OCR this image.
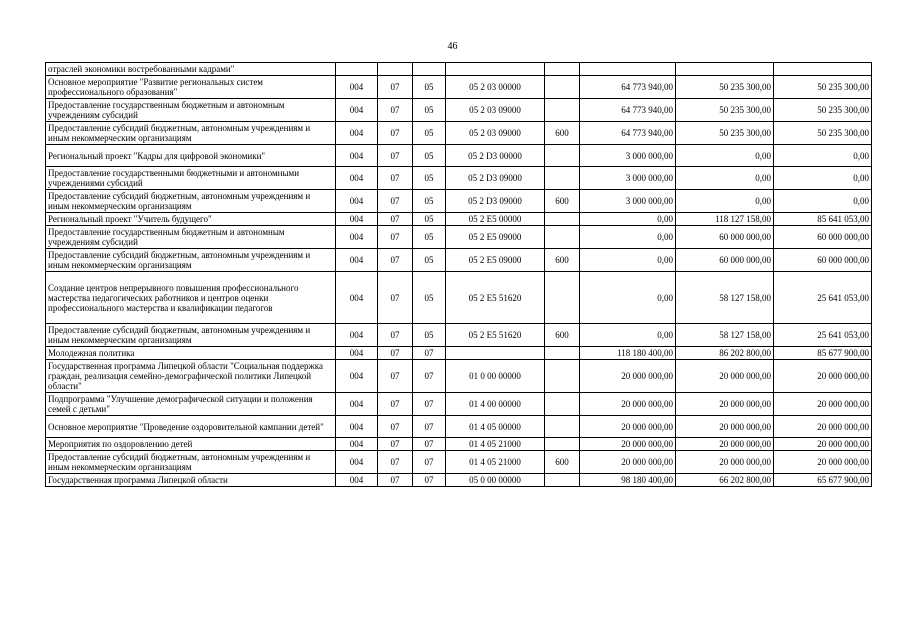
46
отраслей экономики востребованными кадрами"								
Основное мероприятие "Развитие региональных систем профессионального образования"	004	07	05	05 2 03 00000		64 773 940,00	50 235 300,00	50 235 300,00
Предоставление государственным бюджетным и автономным учреждениям субсидий	004	07	05	05 2 03 09000		64 773 940,00	50 235 300,00	50 235 300,00
Предоставление субсидий бюджетным, автономным учреждениям и иным некоммерческим организациям	004	07	05	05 2 03 09000	600	64 773 940,00	50 235 300,00	50 235 300,00
Региональный проект "Кадры для цифровой экономики"	004	07	05	05 2 D3 00000		3 000 000,00	0,00	0,00
Предоставление государственными бюджетными и автономными учреждениями субсидий	004	07	05	05 2 D3 09000		3 000 000,00	0,00	0,00
Предоставление субсидий бюджетным, автономным учреждениям и иным некоммерческим организациям	004	07	05	05 2 D3 09000	600	3 000 000,00	0,00	0,00
Региональный проект "Учитель будущего"	004	07	05	05 2 E5 00000		0,00	118 127 158,00	85 641 053,00
Предоставление государственным бюджетным и автономным учреждениям субсидий	004	07	05	05 2 E5 09000		0,00	60 000 000,00	60 000 000,00
Предоставление субсидий бюджетным, автономным учреждениям и иным некоммерческим организациям	004	07	05	05 2 E5 09000	600	0,00	60 000 000,00	60 000 000,00
Создание центров непрерывного повышения профессионального мастерства педагогических работников и центров оценки профессионального мастерства и квалификации педагогов	004	07	05	05 2 E5 51620		0,00	58 127 158,00	25 641 053,00
Предоставление субсидий бюджетным, автономным учреждениям и иным некоммерческим организациям	004	07	05	05 2 E5 51620	600	0,00	58 127 158,00	25 641 053,00
Молодежная политика	004	07	07			118 180 400,00	86 202 800,00	85 677 900,00
Государственная программа Липецкой области "Социальная поддержка граждан, реализация семейно-демографической политики Липецкой области"	004	07	07	01 0 00 00000		20 000 000,00	20 000 000,00	20 000 000,00
Подпрограмма "Улучшение демографической ситуации и положения семей с детьми"	004	07	07	01 4 00 00000		20 000 000,00	20 000 000,00	20 000 000,00
Основное мероприятие "Проведение оздоровительной кампании детей"	004	07	07	01 4 05 00000		20 000 000,00	20 000 000,00	20 000 000,00
Мероприятия по оздоровлению детей	004	07	07	01 4 05 21000		20 000 000,00	20 000 000,00	20 000 000,00
Предоставление субсидий бюджетным, автономным учреждениям и иным некоммерческим организациям	004	07	07	01 4 05 21000	600	20 000 000,00	20 000 000,00	20 000 000,00
Государственная программа Липецкой области	004	07	07	05 0 00 00000		98 180 400,00	66 202 800,00	65 677 900,00
